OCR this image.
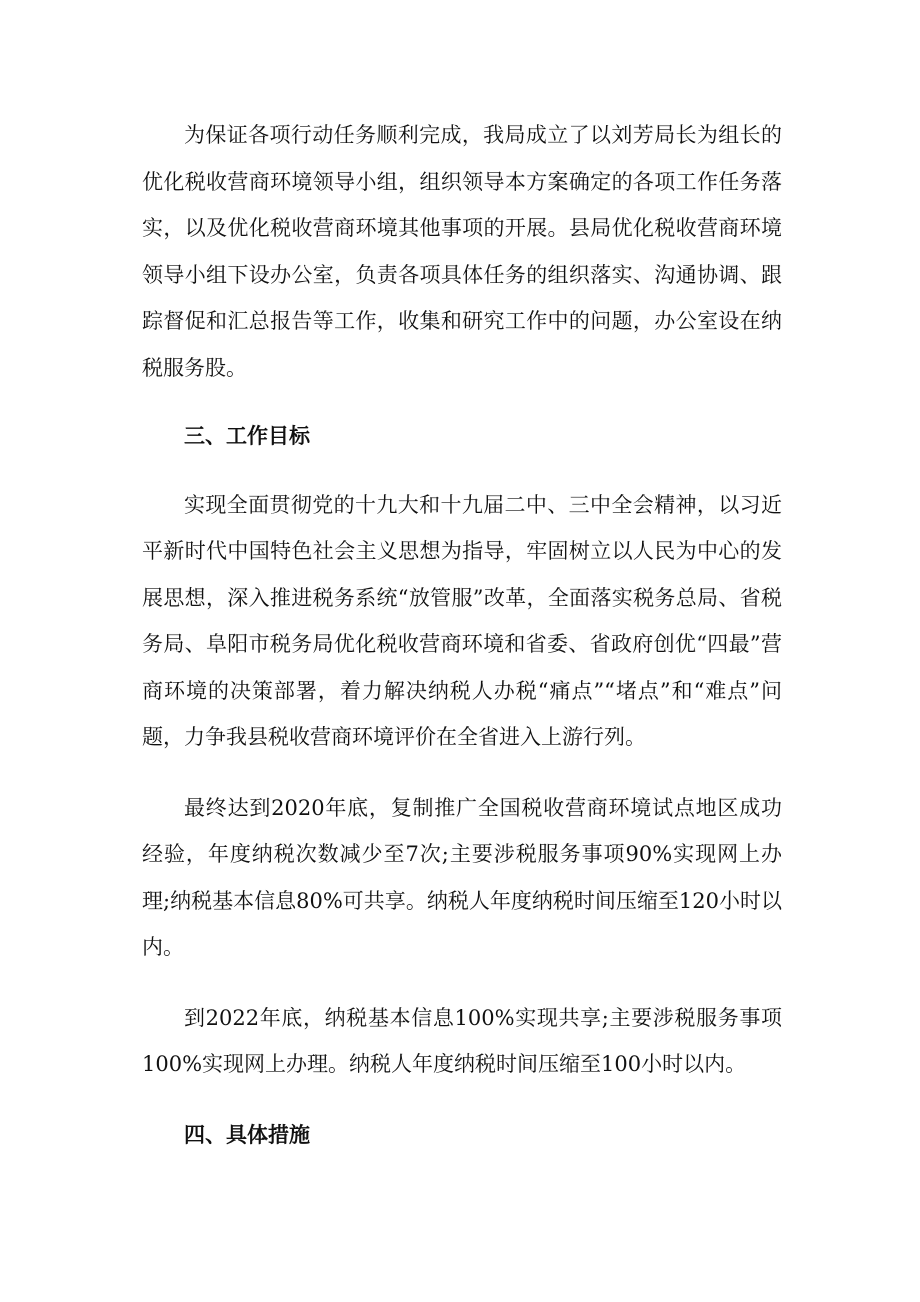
为保证各项行动任务顺利完成，我局成立了以刘芳局长为组长的优化税收营商环境领导小组，组织领导本方案确定的各项工作任务落实，以及优化税收营商环境其他事项的开展。县局优化税收营商环境领导小组下设办公室，负责各项具体任务的组织落实、沟通协调、跟踪督促和汇总报告等工作，收集和研究工作中的问题，办公室设在纳税服务股。

三、工作目标

实现全面贯彻党的十九大和十九届二中、三中全会精神，以习近平新时代中国特色社会主义思想为指导，牢固树立以人民为中心的发展思想，深入推进税务系统“放管服”改革，全面落实税务总局、省税务局、阜阳市税务局优化税收营商环境和省委、省政府创优“四最”营商环境的决策部署，着力解决纳税人办税“痛点”“堵点”和“难点”问题，力争我县税收营商环境评价在全省进入上游行列。

最终达到2020年底，复制推广全国税收营商环境试点地区成功经验，年度纳税次数减少至7次;主要涉税服务事项90%实现网上办理;纳税基本信息80%可共享。纳税人年度纳税时间压缩至120小时以内。

到2022年底，纳税基本信息100%实现共享;主要涉税服务事项100%实现网上办理。纳税人年度纳税时间压缩至100小时以内。

四、具体措施
